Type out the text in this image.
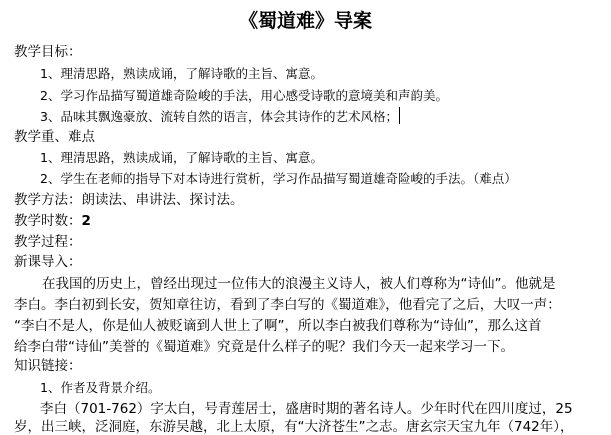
《蜀道难》导案
教学目标：
1、理清思路，熟读成诵，了解诗歌的主旨、寓意。
2、学习作品描写蜀道雄奇险峻的手法，用心感受诗歌的意境美和声韵美。
3、品味其飘逸豪放、流转自然的语言，体会其诗作的艺术风格；
教学重、难点
1、理清思路，熟读成诵，了解诗歌的主旨、寓意。
2、学生在老师的指导下对本诗进行赏析，学习作品描写蜀道雄奇险峻的手法。（难点）
教学方法：朗读法、串讲法、探讨法。
教学时数：2
教学过程：
新课导入：
在我国的历史上，曾经出现过一位伟大的浪漫主义诗人，被人们尊称为“诗仙”。他就是
李白。李白初到长安，贺知章往访，看到了李白写的《蜀道难》，他看完了之后，大叹一声：
“李白不是人，你是仙人被贬谪到人世上了啊”，所以李白被我们尊称为“诗仙”，那么这首
给李白带“诗仙”美誉的《蜀道难》究竟是什么样子的呢？我们今天一起来学习一下。
知识链接：
1、作者及背景介绍。
李白（701-762）字太白，号青莲居士，盛唐时期的著名诗人。少年时代在四川度过，25
岁，出三峡，泛洞庭，东游吴越，北上太原，有“大济苍生”之志。唐玄宗天宝九年（742年），
